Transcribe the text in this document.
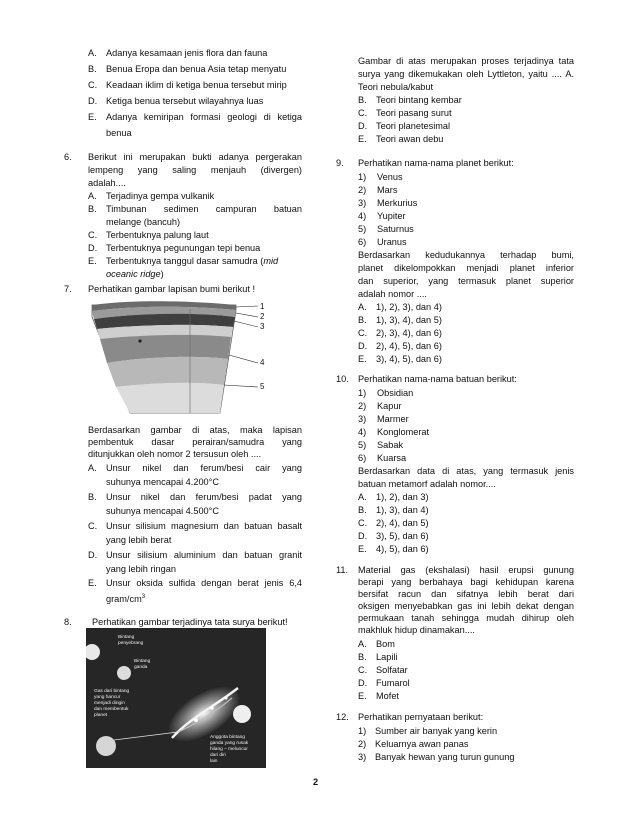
A. Adanya kesamaan jenis flora dan fauna
B. Benua Eropa dan benua Asia tetap menyatu
C. Keadaan iklim di ketiga benua tersebut mirip
D. Ketiga benua tersebut wilayahnya luas
E. Adanya kemiripan formasi geologi di ketiga
benua
6. Berikut ini merupakan bukti adanya pergerakan
lempeng yang saling menjauh (divergen)
adalah....
A. Terjadinya gempa vulkanik
B. Timbunan sedimen campuran batuan
melange (bancuh)
C. Terbentuknya palung laut
D. Terbentuknya pegunungan tepi benua
E. Terbentuknya tanggul dasar samudra (mid
oceanic ridge)
7. Perhatikan gambar lapisan bumi berikut !
1
2
3
4
5
Berdasarkan gambar di atas, maka lapisan
pembentuk dasar perairan/samudra yang
ditunjukkan oleh nomor 2 tersusun oleh ....
A. Unsur nikel dan ferum/besi cair yang
suhunya mencapai 4.200°C
B. Unsur nikel dan ferum/besi padat yang
suhunya mencapai 4.500°C
C. Unsur silisium magnesium dan batuan basalt
yang lebih berat
D. Unsur silisium aluminium dan batuan granit
yang lebih ringan
E. Unsur oksida sulfida dengan berat jenis 6,4
gram/$cm^3$
8. Perhatikan gambar terjadinya tata surya berikut!
Bintang
penyebrang
Bintang
ganda
Gas dari bintang
yang hancur
menjadi dingin
dan membentuk
planet
Anggota bintang
ganda yang rusak
hilang – meluncur
dari diri
lain
Gambar di atas merupakan proses terjadinya tata
surya yang dikemukakan oleh Lyttleton, yaitu .... A.
Teori nebula/kabut
B. Teori bintang kembar
C. Teori pasang surut
D. Teori planetesimal
E. Teori awan debu
9. Perhatikan nama-nama planet berikut:
1) Venus
2) Mars
3) Merkurius
4) Yupiter
5) Saturnus
6) Uranus
Berdasarkan kedudukannya terhadap bumi,
planet dikelompokkan menjadi planet inferior
dan superior, yang termasuk planet superior
adalah nomor ....
A. 1), 2), 3), dan 4)
B. 1), 3), 4), dan 5)
C. 2), 3), 4), dan 6)
D. 2), 4), 5), dan 6)
E. 3), 4), 5), dan 6)
10. Perhatikan nama-nama batuan berikut:
1) Obsidian
2) Kapur
3) Marmer
4) Konglomerat
5) Sabak
6) Kuarsa
Berdasarkan data di atas, yang termasuk jenis
batuan metamorf adalah nomor....
A. 1), 2), dan 3)
B. 1), 3), dan 4)
C. 2), 4), dan 5)
D. 3), 5), dan 6)
E. 4), 5), dan 6)
11. Material gas (ekshalasi) hasil erupsi gunung
berapi yang berbahaya bagi kehidupan karena
bersifat racun dan sifatnya lebih berat dari
oksigen menyebabkan gas ini lebih dekat dengan
permukaan tanah sehingga mudah dihirup oleh
makhluk hidup dinamakan....
A. Bom
B. Lapili
C. Solfatar
D. Fumarol
E. Mofet
12. Perhatikan pernyataan berikut:
1) Sumber air banyak yang kerin
2) Keluarnya awan panas
3) Banyak hewan yang turun gunung
2
